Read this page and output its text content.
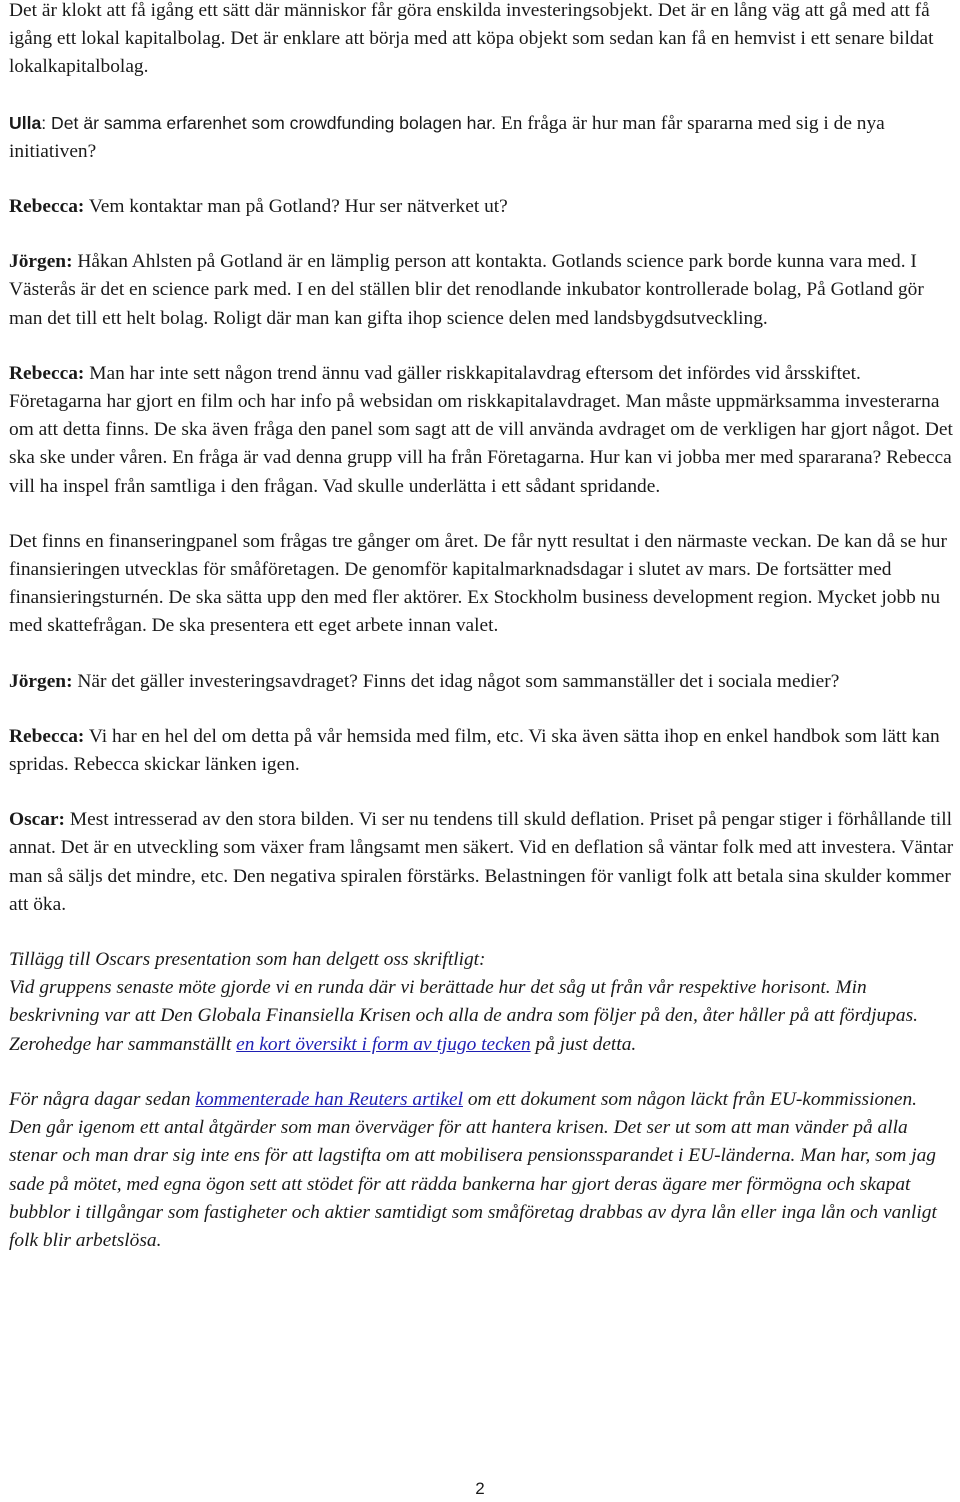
Det är klokt att få igång ett sätt där människor får göra enskilda investeringsobjekt. Det är en lång väg att gå med att få igång ett lokal kapitalbolag. Det är enklare att börja med att köpa objekt som sedan kan få en hemvist i ett senare bildat lokalkapitalbolag.

Ulla: Det är samma erfarenhet som crowdfunding bolagen har. En fråga är hur man får spararna med sig i de nya initiativen?

Rebecca: Vem kontaktar man på Gotland? Hur ser nätverket ut?

Jörgen: Håkan Ahlsten på Gotland är en lämplig person att kontakta. Gotlands science park borde kunna vara med. I Västerås är det en science park med. I en del ställen blir det renodlande inkubator kontrollerade bolag, På Gotland gör man det till ett helt bolag. Roligt där man kan gifta ihop science delen med landsbygdsutveckling.

Rebecca: Man har inte sett någon trend ännu vad gäller riskkapitalavdrag eftersom det infördes vid årsskiftet. Företagarna har gjort en film och har info på websidan om riskkapitalavdraget. Man måste uppmärksamma investerarna om att detta finns. De ska även fråga den panel som sagt att de vill använda avdraget om de verkligen har gjort något. Det ska ske under våren. En fråga är vad denna grupp vill ha från Företagarna. Hur kan vi jobba mer med spararana? Rebecca vill ha inspel från samtliga i den frågan. Vad skulle underlätta i ett sådant spridande.

Det finns en finanseringpanel som frågas tre gånger om året. De får nytt resultat i den närmaste veckan. De kan då se hur finansieringen utvecklas för småföretagen. De genomför kapitalmarknadsdagar i slutet av mars. De fortsätter med finansieringsturnén. De ska sätta upp den med fler aktörer. Ex Stockholm business development region. Mycket jobb nu med skattefrågan. De ska presentera ett eget arbete innan valet.

Jörgen: När det gäller investeringsavdraget? Finns det idag något som sammanställer det i sociala medier?

Rebecca: Vi har en hel del om detta på vår hemsida med film, etc. Vi ska även sätta ihop en enkel handbok som lätt kan spridas. Rebecca skickar länken igen.

Oscar: Mest intresserad av den stora bilden. Vi ser nu tendens till skuld deflation. Priset på pengar stiger i förhållande till annat. Det är en utveckling som växer fram långsamt men säkert. Vid en deflation så väntar folk med att investera. Väntar man så säljs det mindre, etc. Den negativa spiralen förstärks. Belastningen för vanligt folk att betala sina skulder kommer att öka.

Tillägg till Oscars presentation som han delgett oss skriftligt:

Vid gruppens senaste möte gjorde vi en runda där vi berättade hur det såg ut från vår respektive horisont. Min beskrivning var att Den Globala Finansiella Krisen och alla de andra som följer på den, åter håller på att fördjupas. Zerohedge har sammanställt en kort översikt i form av tjugo tecken på just detta.

För några dagar sedan kommenterade han Reuters artikel om ett dokument som någon läckt från EU-kommissionen. Den går igenom ett antal åtgärder som man överväger för att hantera krisen. Det ser ut som att man vänder på alla stenar och man drar sig inte ens för att lagstifta om att mobilisera pensionssparandet i EU-länderna. Man har, som jag sade på mötet, med egna ögon sett att stödet för att rädda bankerna har gjort deras ägare mer förmögna och skapat bubblor i tillgångar som fastigheter och aktier samtidigt som småföretag drabbas av dyra lån eller inga lån och vanligt folk blir arbetslösa.

2
